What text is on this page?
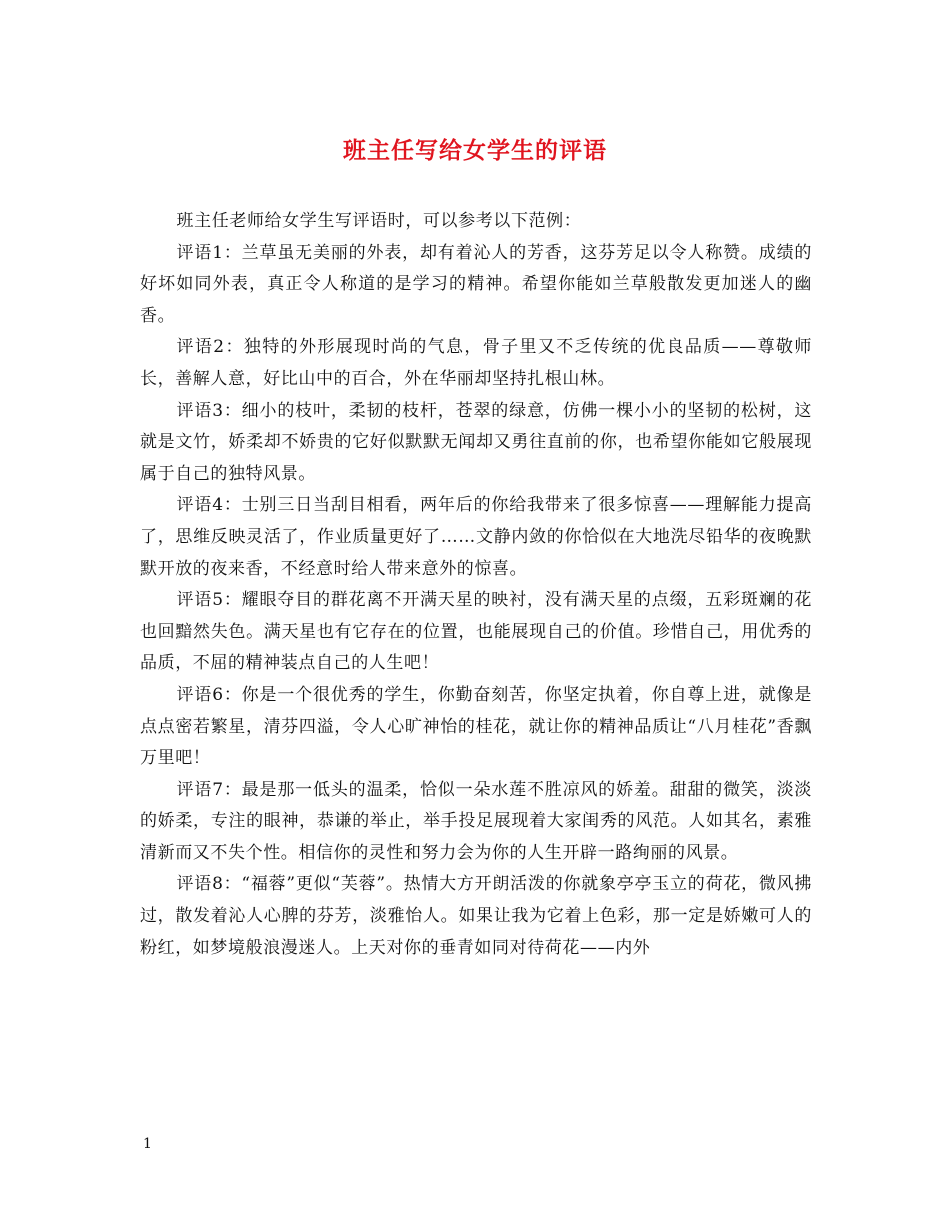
班主任写给女学生的评语

班主任老师给女学生写评语时，可以参考以下范例：

评语1：兰草虽无美丽的外表，却有着沁人的芳香，这芬芳足以令人称赞。成绩的好坏如同外表，真正令人称道的是学习的精神。希望你能如兰草般散发更加迷人的幽香。

评语2：独特的外形展现时尚的气息，骨子里又不乏传统的优良品质——尊敬师长，善解人意，好比山中的百合，外在华丽却坚持扎根山林。

评语3：细小的枝叶，柔韧的枝杆，苍翠的绿意，仿佛一棵小小的坚韧的松树，这就是文竹，娇柔却不娇贵的它好似默默无闻却又勇往直前的你，也希望你能如它般展现属于自己的独特风景。

评语4：士别三日当刮目相看，两年后的你给我带来了很多惊喜——理解能力提高了，思维反映灵活了，作业质量更好了……文静内敛的你恰似在大地洗尽铅华的夜晚默默开放的夜来香，不经意时给人带来意外的惊喜。

评语5：耀眼夺目的群花离不开满天星的映衬，没有满天星的点缀，五彩斑斓的花也回黯然失色。满天星也有它存在的位置，也能展现自己的价值。珍惜自己，用优秀的品质，不屈的精神装点自己的人生吧！

评语6：你是一个很优秀的学生，你勤奋刻苦，你坚定执着，你自尊上进，就像是点点密若繁星，清芬四溢，令人心旷神怡的桂花，就让你的精神品质让“八月桂花”香飘万里吧！

评语7：最是那一低头的温柔，恰似一朵水莲不胜凉风的娇羞。甜甜的微笑，淡淡的娇柔，专注的眼神，恭谦的举止，举手投足展现着大家闺秀的风范。人如其名，素雅清新而又不失个性。相信你的灵性和努力会为你的人生开辟一路绚丽的风景。

评语8：“福蓉”更似“芙蓉”。热情大方开朗活泼的你就象亭亭玉立的荷花，微风拂过，散发着沁人心脾的芬芳，淡雅怡人。如果让我为它着上色彩，那一定是娇嫩可人的粉红，如梦境般浪漫迷人。上天对你的垂青如同对待荷花——内外

1
